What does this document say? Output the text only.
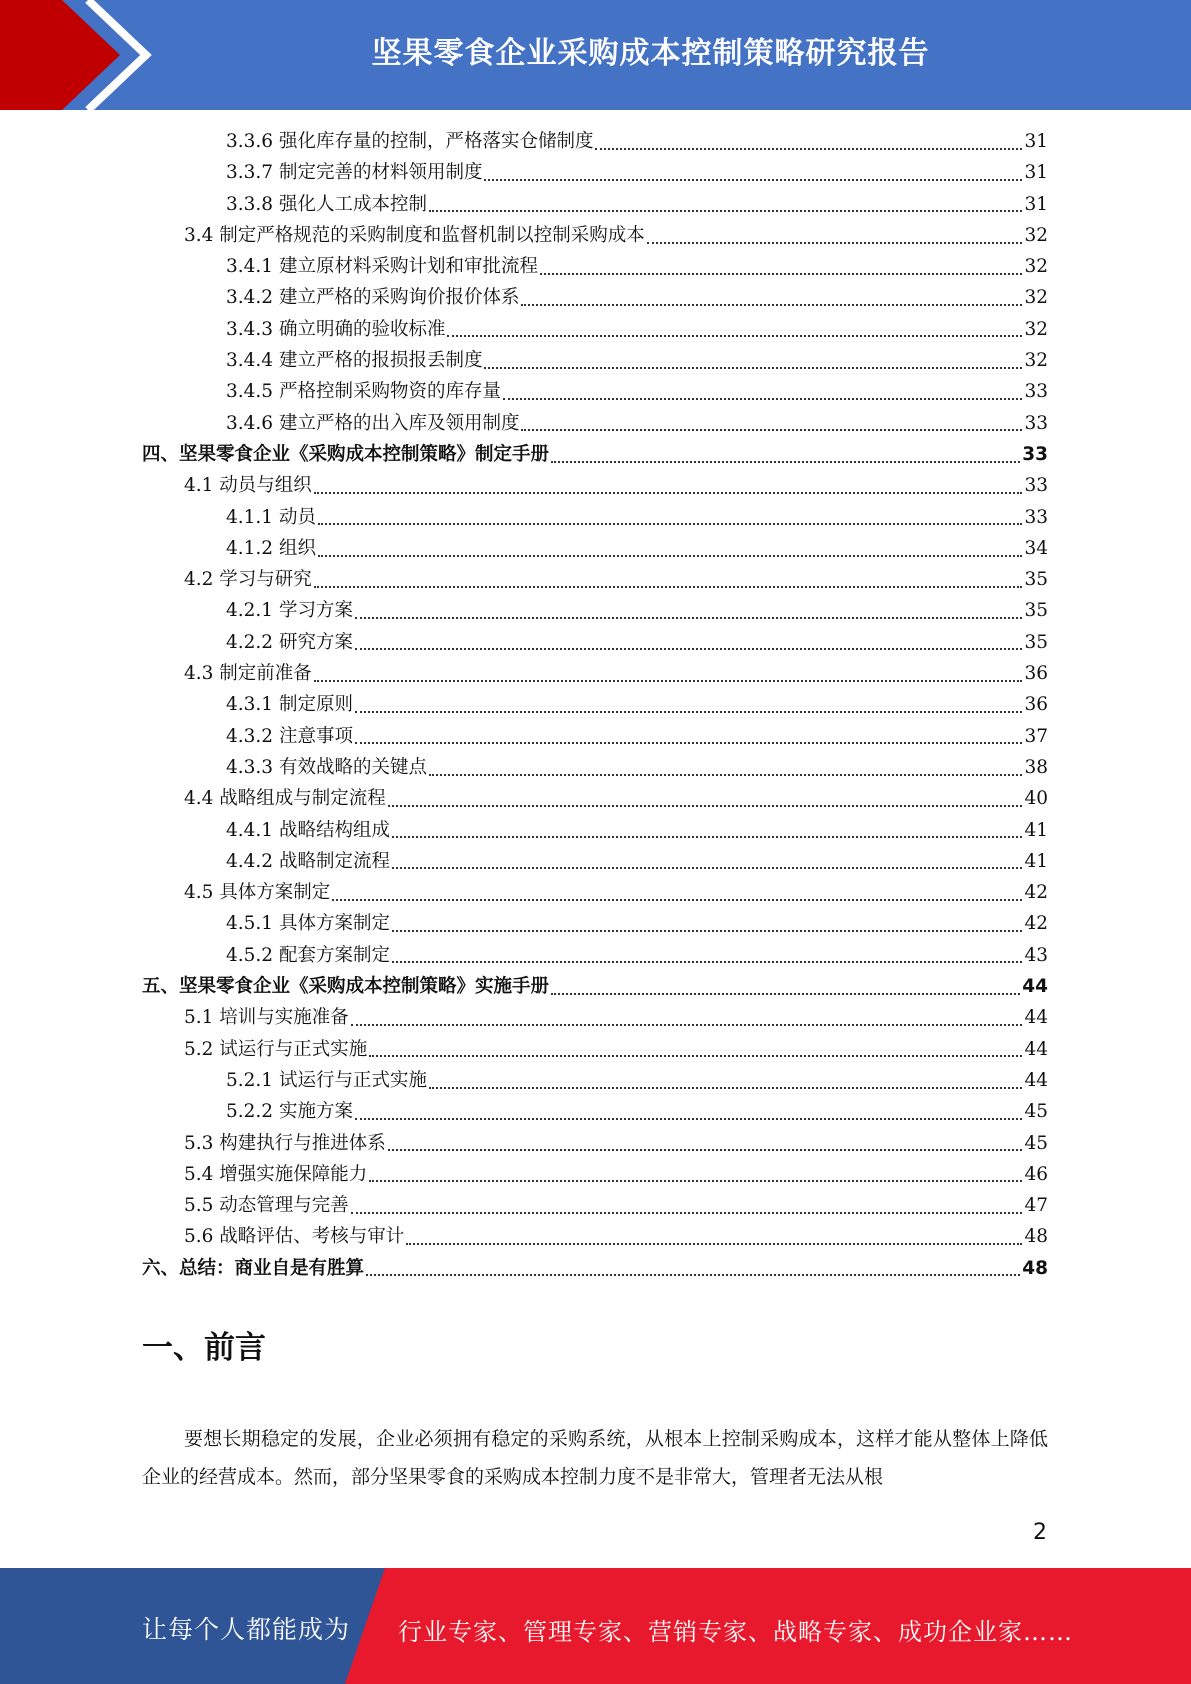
坚果零食企业采购成本控制策略研究报告
3.3.6 强化库存量的控制，严格落实仓储制度	31
3.3.7 制定完善的材料领用制度	31
3.3.8 强化人工成本控制	31
3.4 制定严格规范的采购制度和监督机制以控制采购成本	32
3.4.1 建立原材料采购计划和审批流程	32
3.4.2 建立严格的采购询价报价体系	32
3.4.3 确立明确的验收标准	32
3.4.4 建立严格的报损报丢制度	32
3.4.5 严格控制采购物资的库存量	33
3.4.6 建立严格的出入库及领用制度	33
四、坚果零食企业《采购成本控制策略》制定手册	33
4.1 动员与组织	33
4.1.1 动员	33
4.1.2 组织	34
4.2 学习与研究	35
4.2.1 学习方案	35
4.2.2 研究方案	35
4.3 制定前准备	36
4.3.1 制定原则	36
4.3.2 注意事项	37
4.3.3 有效战略的关键点	38
4.4 战略组成与制定流程	40
4.4.1 战略结构组成	41
4.4.2 战略制定流程	41
4.5 具体方案制定	42
4.5.1 具体方案制定	42
4.5.2 配套方案制定	43
五、坚果零食企业《采购成本控制策略》实施手册	44
5.1 培训与实施准备	44
5.2 试运行与正式实施	44
5.2.1 试运行与正式实施	44
5.2.2 实施方案	45
5.3 构建执行与推进体系	45
5.4 增强实施保障能力	46
5.5 动态管理与完善	47
5.6 战略评估、考核与审计	48
六、总结：商业自是有胜算	48
一、前言
要想长期稳定的发展，企业必须拥有稳定的采购系统，从根本上控制采购成本，这样才能从整体上降低企业的经营成本。然而，部分坚果零食的采购成本控制力度不是非常大，管理者无法从根
2
让每个人都能成为 行业专家、管理专家、营销专家、战略专家、成功企业家……
